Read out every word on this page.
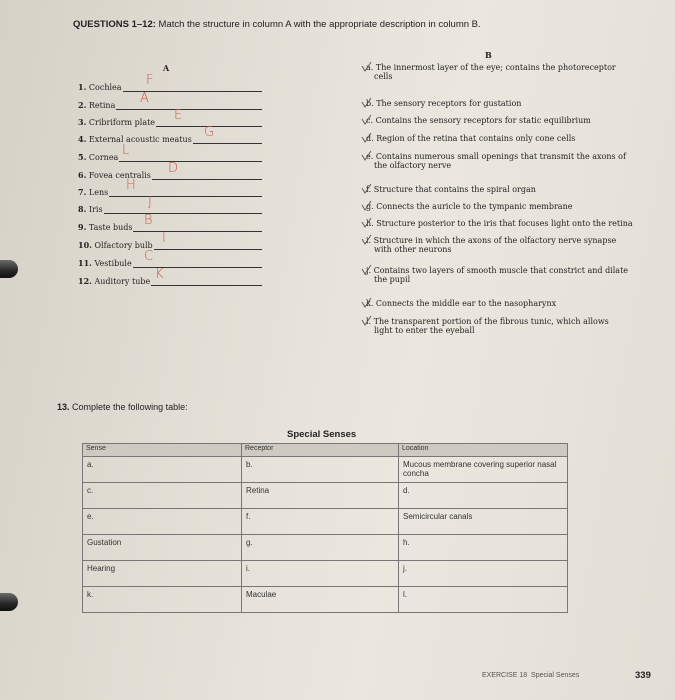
QUESTIONS 1–12: Match the structure in column A with the appropriate description in column B.
A
B
1. Cochlea F
2. Retina A
3. Cribriform plate E
4. External acoustic meatus G
5. Cornea L
6. Fovea centralis D
7. Lens H
8. Iris	J
9. Taste buds B
10. Olfactory bulb I
11. Vestibule C
12. Auditory tube K
a. The innermost layer of the eye; contains the photoreceptor
cells
b. The sensory receptors for gustation
c. Contains the sensory receptors for static equilibrium
d. Region of the retina that contains only cone cells
e. Contains numerous small openings that transmit the axons of
the olfactory nerve
f. Structure that contains the spiral organ
g. Connects the auricle to the tympanic membrane
h. Structure posterior to the iris that focuses light onto the retina
i. Structure in which the axons of the olfactory nerve synapse
with other neurons
j. Contains two layers of smooth muscle that constrict and dilate
the pupil
k. Connects the middle ear to the nasopharynx
l. The transparent portion of the fibrous tunic, which allows
light to enter the eyeball
13. Complete the following table:
Special Senses
Sense	Receptor	Location
a.	b.	Mucous membrane covering superior nasal concha
c.	Retina	d.
e.	f.	Semicircular canals
Gustation	g.	h.
Hearing	i.	j.
k.	Maculae	l.
EXERCISE 18 Special Senses	339
